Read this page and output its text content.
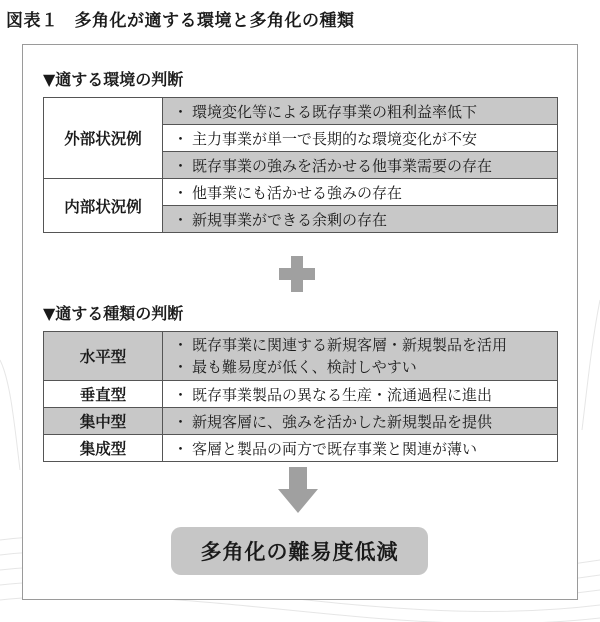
図表１ 多角化が適する環境と多角化の種類
▼適する環境の判断
外部状況例	・ 環境変化等による既存事業の粗利益率低下
	・ 主力事業が単一で長期的な環境変化が不安
	・ 既存事業の強みを活かせる他事業需要の存在
内部状況例	・ 他事業にも活かせる強みの存在
	・ 新規事業ができる余剰の存在
▼適する種類の判断
水平型	・ 既存事業に関連する新規客層・新規製品を活用
・ 最も難易度が低く、検討しやすい

垂直型	・ 既存事業製品の異なる生産・流通過程に進出
集中型	・ 新規客層に、強みを活かした新規製品を提供
集成型	・ 客層と製品の両方で既存事業と関連が薄い
多角化の難易度低減
